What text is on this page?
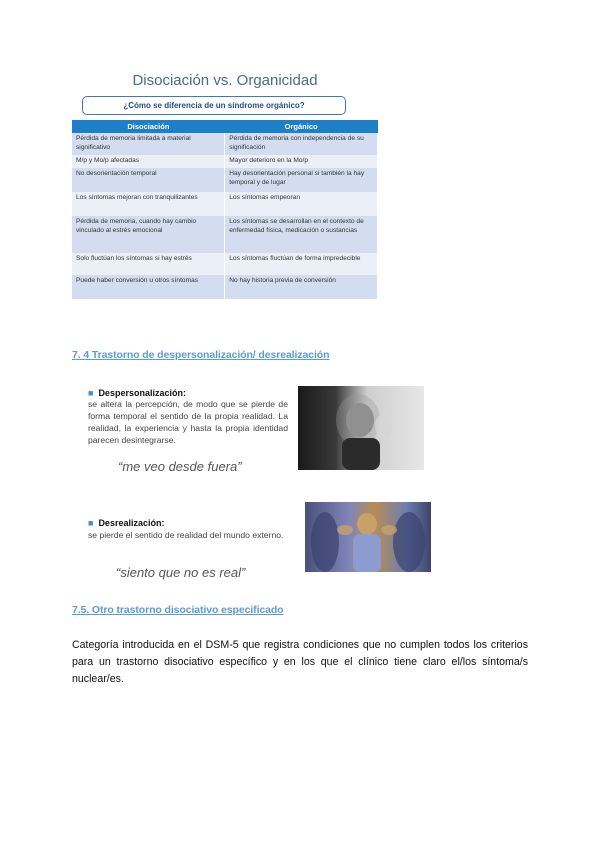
Disociación vs. Organicidad
¿Cómo se diferencia de un síndrome orgánico?
Disociación	Orgánico
Pérdida de memoria limitada a material significativo	Pérdida de memoria con independencia de su significación
M/p y Mo/p afectadas	Mayor deterioro en la Mo/p
No desorientación temporal	Hay desorientación personal si también la hay temporal y de lugar
Los síntomas mejoran con tranquilizantes	Los síntomas empeoran
Pérdida de memoria, cuando hay cambio vinculado al estrés emocional	Los síntomas se desarrollan en el contexto de enfermedad física, medicación o sustancias
Solo fluctúan los síntomas si hay estrés	Los síntomas fluctúan de forma impredecible
Puede haber conversión u otros síntomas	No hay historia previa de conversión
7. 4 Trastorno de despersonalización/ desrealización
■ Despersonalización:
se altera la percepción, de modo que se pierde de forma temporal el sentido de la propia realidad. La realidad, la experiencia y hasta la propia identidad parecen desintegrarse.
“me veo desde fuera”
■ Desrealización:
se pierde el sentido de realidad del mundo externo.
“siento que no es real”
7.5. Otro trastorno disociativo especificado
Categoría introducida en el DSM-5 que registra condiciones que no cumplen todos los criterios para un trastorno disociativo específico y en los que el clínico tiene claro el/los síntoma/s nuclear/es.
